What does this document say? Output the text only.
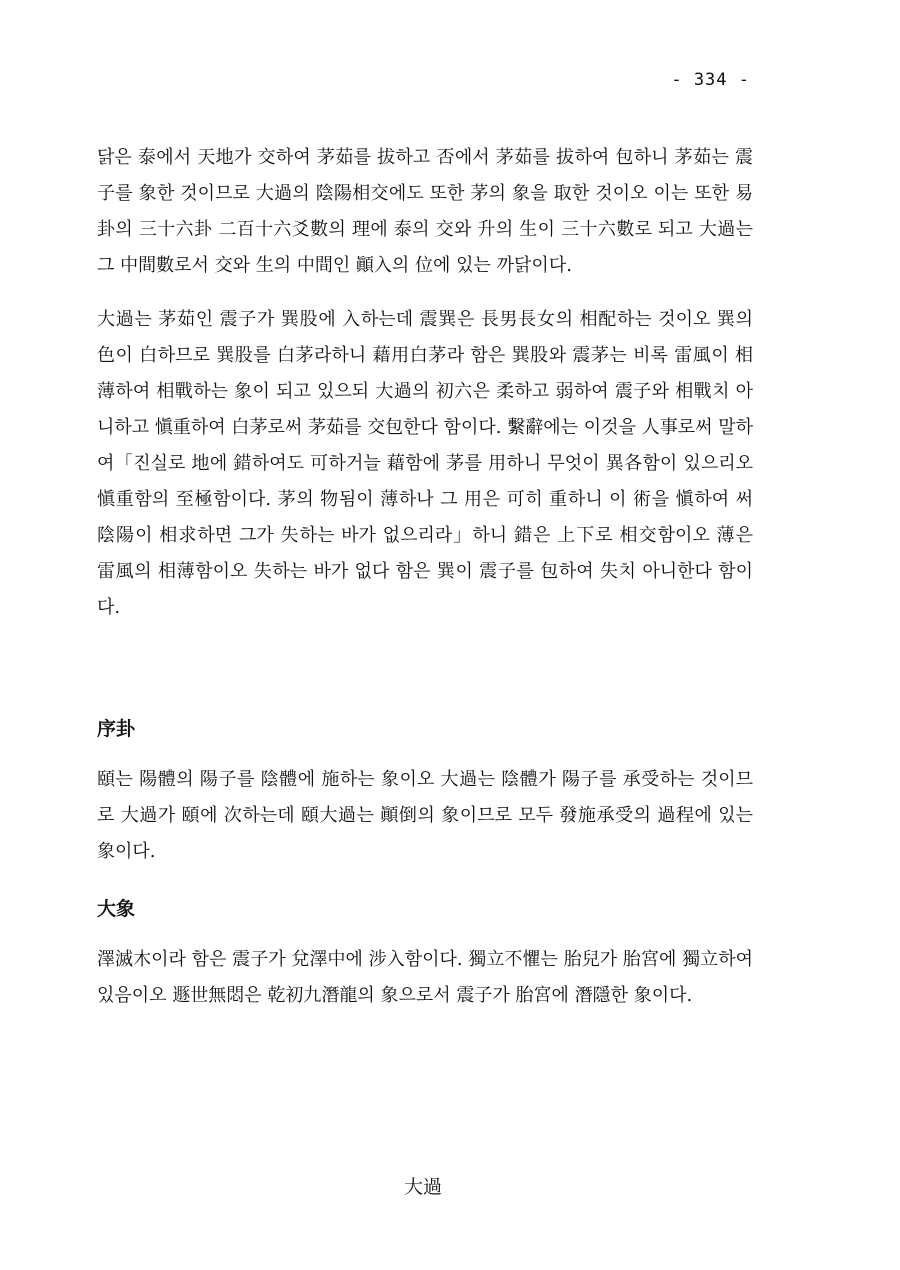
- 334 -

닭은 泰에서 天地가 交하여 茅茹를 拔하고 否에서 茅茹를 拔하여 包하니 茅茹는 震子를 象한 것이므로 大過의 陰陽相交에도 또한 茅의 象을 取한 것이오 이는 또한 易卦의 三十六卦 二百十六爻數의 理에 泰의 交와 升의 生이 三十六數로 되고 大過는 그 中間數로서 交와 生의 中間인 顚入의 位에 있는 까닭이다.

大過는 茅茹인 震子가 巽股에 入하는데 震巽은 長男長女의 相配하는 것이오 巽의 色이 白하므로 巽股를 白茅라하니 藉用白茅라 함은 巽股와 震茅는 비록 雷風이 相薄하여 相戰하는 象이 되고 있으되 大過의 初六은 柔하고 弱하여 震子와 相戰치 아니하고 愼重하여 白茅로써 茅茹를 交包한다 함이다. 繫辭에는 이것을 人事로써 말하여「진실로 地에 錯하여도 可하거늘 藉함에 茅를 用하니 무엇이 異各함이 있으리오 愼重함의 至極함이다. 茅의 物됨이 薄하나 그 用은 可히 重하니 이 術을 愼하여 써 陰陽이 相求하면 그가 失하는 바가 없으리라」하니 錯은 上下로 相交함이오 薄은 雷風의 相薄함이오 失하는 바가 없다 함은 巽이 震子를 包하여 失치 아니한다 함이다.

序卦

頤는 陽體의 陽子를 陰體에 施하는 象이오 大過는 陰體가 陽子를 承受하는 것이므로 大過가 頤에 次하는데 頤大過는 顚倒의 象이므로 모두 發施承受의 過程에 있는 象이다.

大象

澤滅木이라 함은 震子가 兌澤中에 涉入함이다. 獨立不懼는 胎兒가 胎宮에 獨立하여 있음이오 遯世無悶은 乾初九潛龍의 象으로서 震子가 胎宮에 潛隱한 象이다.

大過
